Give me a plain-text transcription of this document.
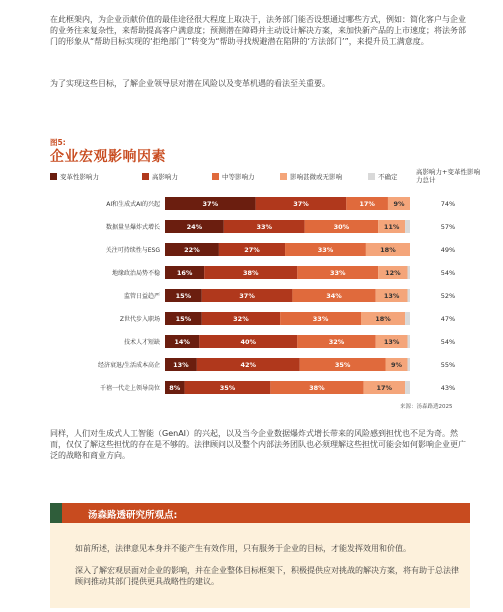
在此框架内，为企业贡献价值的最佳途径很大程度上取决于，法务部门能否设想通过哪些方式，例如：简化客户与企业的业务往来复杂性，来帮助提高客户满意度；预测潜在障碍并主动设计解决方案，来加快新产品的上市速度；将法务部门的形象从“帮助目标实现的‘拒绝部门’”转变为“帮助寻找规避潜在陷阱的‘方法部门’”，来提升员工满意度。
为了实现这些目标，了解企业领导层对潜在风险以及变革机遇的看法至关重要。
图5:
企业宏观影响因素
变革性影响力	高影响力	中等影响力	影响甚微或无影响	不确定
高影响力+变革性影响力总计
AI和生成式AI的兴起	37%	37%	17%	9%	74%
数据量呈爆炸式增长	24%	33%	30%	11%	57%
关注可持续性与ESG	22%	27%	33%	18%	49%
地缘政治局势不稳	16%	38%	33%	12%	54%
监管日益趋严 15%	37%	34%	13%	52%
Z世代步入职场 15%	32%	33%	18%	47%
技术人才短缺 14%	40%	32%	13%	54%
经济衰退/生活成本高企 13%	42%	35%	9%	55%
千禧一代走上领导岗位 8%	35%	38%	17%	43%
来源：汤森路透2025
同样，人们对生成式人工智能（GenAI）的兴起，以及当今企业数据爆炸式增长带来的风险感到担忧也不足为奇。然而，仅仅了解这些担忧的存在是不够的。法律顾问以及整个内部法务团队也必须理解这些担忧可能会如何影响企业更广泛的战略和商业方向。
汤森路透研究所观点:
如前所述，法律意见本身并不能产生有效作用，只有服务于企业的目标，才能发挥效用和价值。
深入了解宏观层面对企业的影响，并在企业整体目标框架下，积极提供应对挑战的解决方案，将有助于总法律顾问推动其部门提供更具战略性的建议。
